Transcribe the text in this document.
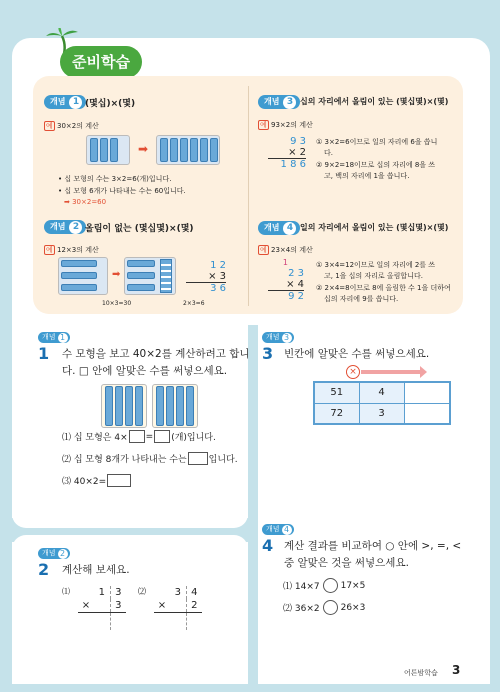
준비학습
개념 1 (몇십)×(몇)
예 30×2의 계산
➡
• 십 모형의 수는 3×2=6(개)입니다.
• 십 모형 6개가 나타내는 수는 60입니다.
➡ 30×2=60
개념 2 올림이 없는 (몇십몇)×(몇)
예 12×3의 계산
➡
1 2
× 3
3 6
10×3=30	2×3=6
개념 3 십의 자리에서 올림이 있는 (몇십몇)×(몇)
예 93×2의 계산
9 3
× 2
1 8 6
① 3×2=6이므로 일의 자리에 6을 씁니
다.
② 9×2=18이므로 십의 자리에 8을 쓰
고, 백의 자리에 1을 씁니다.
개념 4 일의 자리에서 올림이 있는 (몇십몇)×(몇)
예 23×4의 계산
1
2 3
× 4
9 2
① 3×4=12이므로 일의 자리에 2를 쓰
고, 1을 십의 자리로 올림합니다.
② 2×4=8이므로 8에 올림한 수 1을 더하여
십의 자리에 9를 씁니다.
개념 1
1 수 모형을 보고 40×2를 계산하려고 합니
다. □ 안에 알맞은 수를 써넣으세요.
⑴ 십 모형은 4× = (개)입니다.
⑵ 십 모형 8개가 나타내는 수는 입니다.
⑶ 40×2=
개념 2
2 계산해 보세요.
⑴
		1	3
×		3

⑵
		3	4
×		2

개념 3
3 빈칸에 알맞은 수를 써넣으세요.
×
51	4	
72	3	
개념 4
4 계산 결과를 비교하여 ○ 안에 >, =, <
중 알맞은 것을 써넣으세요.
⑴ 14×7 17×5
⑵ 36×2 26×3
어튼밤학습 3
